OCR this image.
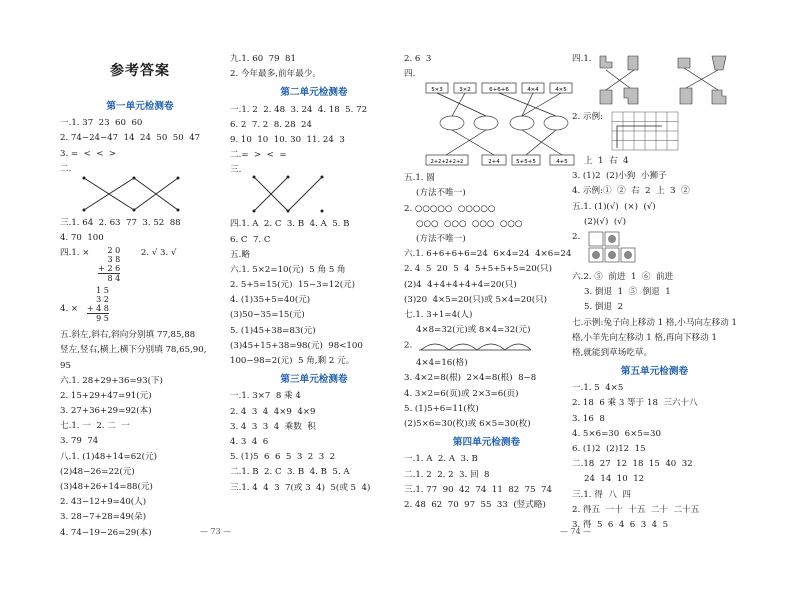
参考答案
第一单元检测卷
一.1. 37  23  60  60
2. 74−24−47  14  24  50  50  47
3. =  <  <  >
二.
三.1. 64  2. 63  77  3. 52  88
4. 70  100
四.1. ×	2 0
3 8
+ 2 6
8 4
2. √ 3. √
4. ×
1 5
3 2
+ 4 8
9 5
五.斜左,斜右,斜向分别填 77,85,88
竖左,竖右,横上,横下分别填 78,65,90,
95
六.1. 28+29+36=93(下)
2. 15+29+47=91(元)
3. 27+36+29=92(本)
七.1. 一  2. 二  一
3. 79  74
八.1. (1)48+14=62(元)
(2)48−26=22(元)
(3)48+26+14=88(元)
2. 43−12+9=40(人)
3. 28−7+28=49(朵)
4. 74−19−26=29(本)
九.1. 60  79  81
2. 今年最多,前年最少。
第二单元检测卷
一.1. 2  2. 48  3. 24  4. 18  5. 72
6. 2  7. 2  8. 28  24
9. 10  10  10. 30  11. 24  3
二.=  >  <  =
三.
四.1. A  2. C  3. B  4. A  5. B
6. C  7. C
五.略
六.1. 5×2=10(元)  5 角 5 角
2. 5+5=15(元)  15−3=12(元)
4. (1)35+5=40(元)
(3)50−35=15(元)
5. (1)45+38=83(元)
(3)45+15+38=98(元)  98<100
100−98=2(元)  5 角,剩 2 元。
第三单元检测卷
一.1. 3×7  8 乘 4
2. 4  3  4  4×9  4×9
3. 4  3  3  4  乘数  积
4. 3  4  6
5. (1)5  6  6  5  3  2  3  2
二.1. B  2. C  3. B  4. B  5. A
三.1. 4  4  3  7(或 3  4)  5(或 5  4)
2. 6  3
四.
5×3	3×2	6+6+6	4×4	4×5
2+2+2+2+2	2+4	5+5+5	4+5
五.1. 圆
(方法不唯一)
2. ○○○○○  ○○○○○
○○○  ○○○  ○○○  ○○○
(方法不唯一)
六.1. 6+6+6+6=24  6×4=24  4×6=24
2. 4  5  20  5  4  5+5+5+5=20(只)
(2)4  4+4+4+4+4=20(只)
(3)20  4×5=20(只)或 5×4=20(只)
七.1. 3+1=4(人)
4×8=32(元)或 8×4=32(元)
2.
4×4=16(格)
3. 4×2=8(根)  2×4=8(根)  8−8
4. 3×2=6(页)或 2×3=6(页)
5. (1)5+6=11(枚)
(2)5×6=30(枚)或 6×5=30(枚)
第四单元检测卷
一.1. A  2. A  3. B
二.1. 2  2. 2  3. 回  8
三.1. 77  90  42  74  11  82  75  74
2. 48  62  70  97  55  33  (竖式略)
四.1.
2. 示例:
上  1  右  4
3. (1)2  (2)小狗  小狮子
4. 示例:①  ②  右  2  上  3  ②
五.1. (1)(√)  (×)  (√)
(2)(√)  (√)
2.
六.2. ⑤  前进  1  ⑥  前进
3. 倒退  1  ⑤  倒退  1
5. 倒退  2
七.示例:兔子向上移动 1 格,小马向左移动 1
格,小羊先向左移动 1 格,再向下移动 1
格,就能到草场吃草。
第五单元检测卷
一.1. 5  4×5
2. 18  6 乘 3 等于 18  三六十八
3. 16  8
4. 5×6=30  6×5=30
6. (1)2  (2)12  15
二.18  27  12  18  15  40  32
24  14  10  12
三.1. 得  八  四
2. 得五  一十  十五  二十  二十五
3. 得  5  6  4  6  3  4  5
— 73 —	— 74 —
